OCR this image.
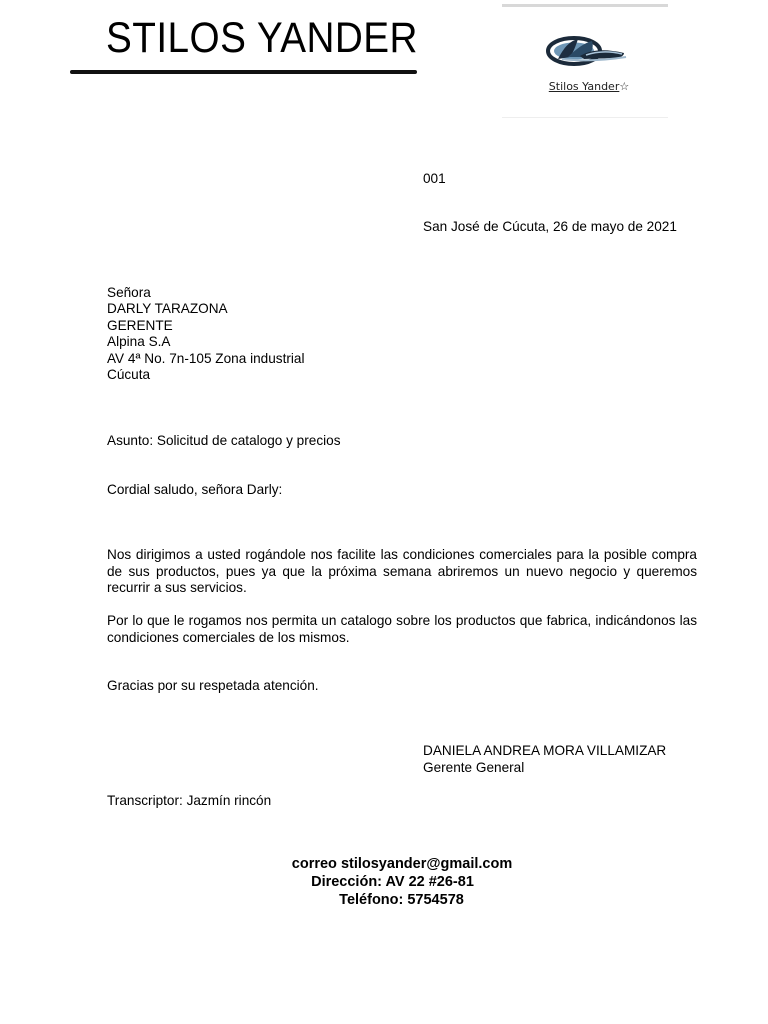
STILOS YANDER
Stilos Yander☆
001
San José de Cúcuta, 26 de mayo de 2021
Señora
DARLY TARAZONA
GERENTE
Alpina S.A
AV 4ª No. 7n-105 Zona industrial
Cúcuta
Asunto: Solicitud de catalogo y precios
Cordial saludo, señora Darly:
Nos dirigimos a usted rogándole nos facilite las condiciones comerciales para la posible compra de sus productos, pues ya que la próxima semana abriremos un nuevo negocio y queremos recurrir a sus servicios.
Por lo que le rogamos nos permita un catalogo sobre los productos que fabrica, indicándonos las condiciones comerciales de los mismos.
Gracias por su respetada atención.
DANIELA ANDREA MORA VILLAMIZAR
Gerente General
Transcriptor: Jazmín rincón
correo stilosyander@gmail.com
Dirección: AV 22 #26-81
Teléfono: 5754578
